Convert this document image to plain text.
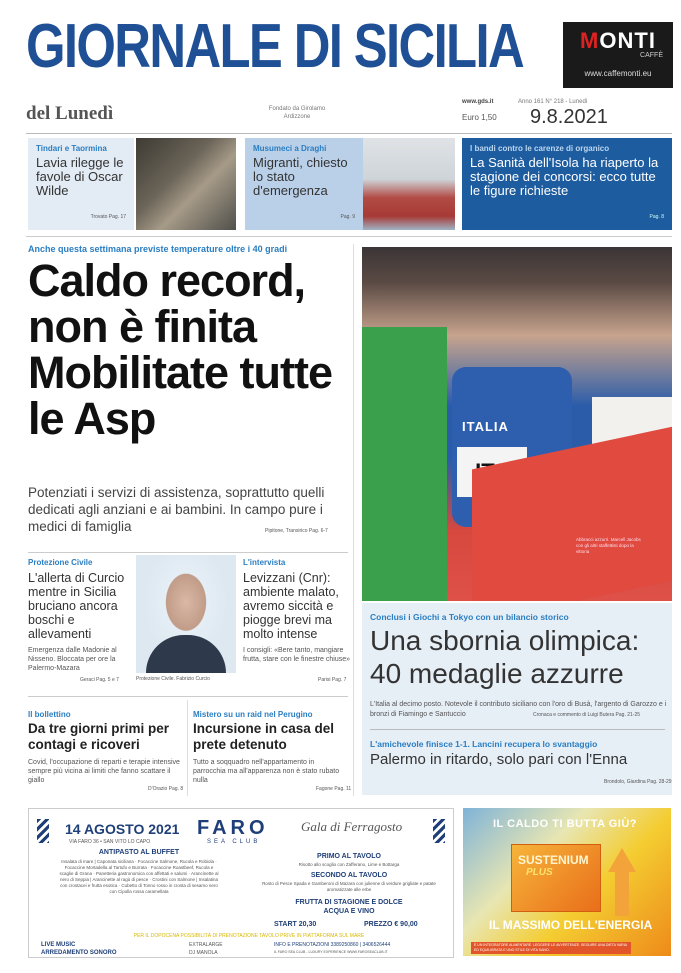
GIORNALE DI SICILIA	MONTI
CAFFÈ
www.caffemonti.eu
del Lunedì	Fondato da Girolamo Ardizzone
www.gds.it
Euro 1,50
Anno 161 N° 218 - Lunedì
9.8.2021
Tindari e Taormina
Lavia rilegge le favole di Oscar Wilde
Trovato Pag. 17
Musumeci a Draghi
Migranti, chiesto lo stato d'emergenza
Pag. 9
I bandi contro le carenze di organico
La Sanità dell'Isola ha riaperto la stagione dei concorsi: ecco tutte le figure richieste
Pag. 8
Anche questa settimana previste temperature oltre i 40 gradi
Caldo record, non è finita Mobilitate tutte le Asp
Potenziati i servizi di assistenza, soprattutto quelli dedicati agli anziani e ai bambini. In campo pure i medici di famiglia	Pipitone, Transirico Pag. 6-7
Protezione Civile
L'allerta di Curcio mentre in Sicilia bruciano ancora boschi e allevamenti
Emergenza dalle Madonie al Nisseno. Bloccata per ore la Palermo-Mazara
Geraci Pag. 5 e 7	Protezione Civile. Fabrizio Curcio
L'intervista
Levizzani (Cnr): ambiente malato, avremo siccità e piogge brevi ma molto intense
I consigli: «Bere tanto, mangiare frutta, stare con le finestre chiuse»
Parisi Pag. 7
Il bollettino
Da tre giorni primi per contagi e ricoveri
Covid, l'occupazione di reparti e terapie intensive sempre più vicina ai limiti che fanno scattare il giallo
D'Orazio Pag. 8
Mistero su un raid nel Perugino
Incursione in casa del prete detenuto
Tutto a soqquadro nell'appartamento in parrocchia ma all'apparenza non è stato rubato nulla
Fagone Pag. 11
ITALIA
Abbracci azzurri. Marcell Jacobs con gli altri staffettisti dopo la vittoria
Conclusi i Giochi a Tokyo con un bilancio storico
Una sbornia olimpica: 40 medaglie azzurre
L'Italia al decimo posto. Notevole il contributo siciliano con l'oro di Busà, l'argento di Garozzo e i bronzi di Fiamingo e Santuccio	Cronaca e commento di Luigi Butera Pag. 21-25
L'amichevole finisce 1-1. Lancini recupera lo svantaggio
Palermo in ritardo, solo pari con l'Enna
Brondolo, Giardina Pag. 28-29
14 AGOSTO 2021
VIA FARO 36 • SAN VITO LO CAPO
FARO
SEA CLUB
Gala di Ferragosto
ANTIPASTO AL BUFFET
Insalata di mare | Caponata siciliana · Focaccine Salmone, Rucola e Robiola · Focaccine Mortadella al Tartufo e Burrata · Focaccine Roastbeef, Rucola e scaglie di Grana · Panetteria gastronomica con affettati e salumi · Arancinette al nero di Seppia | Arancinette al ragù di pesce · Crostini con Salmone | Insalatina con crostacei e frutta esotica · Cubetto di Tonno rosso in crosta di sesamo nero con Cipolla rossa caramellata
PRIMO AL TAVOLO
Risotto allo scoglio con Zafferano, Lime e Bottarga
SECONDO AL TAVOLO
Rosto di Pesce Spada e Gamberoni di Mazara con julienne di verdure grigliate e patate aromatizzate alle erbe
FRUTTA DI STAGIONE E DOLCE
ACQUA E VINO
START 20,30	PREZZO € 90,00
PER IL DOPOCENA POSSIBILITÀ DI PRENOTAZIONE TAVOLO PRIVE IN PIATTAFORMA SUL MARE
LIVE MUSIC
ARREDAMENTO SONORO
EXTRALARGE
DJ MANOLA
INFO E PRENOTAZIONI 3389250860 | 3406526444
IL FARO SEA CLUB - LUXURY EXPERIENCE WWW.FAROSEACLUB.IT
IL CALDO TI BUTTA GIÙ?
SUSTENIUM
PLUS
IL MASSIMO DELL'ENERGIA
È UN INTEGRATORE ALIMENTARE. LEGGERE LE AVVERTENZE. SEGUIRE UNA DIETA VARIA ED EQUILIBRATA E UNO STILE DI VITA SANO.
